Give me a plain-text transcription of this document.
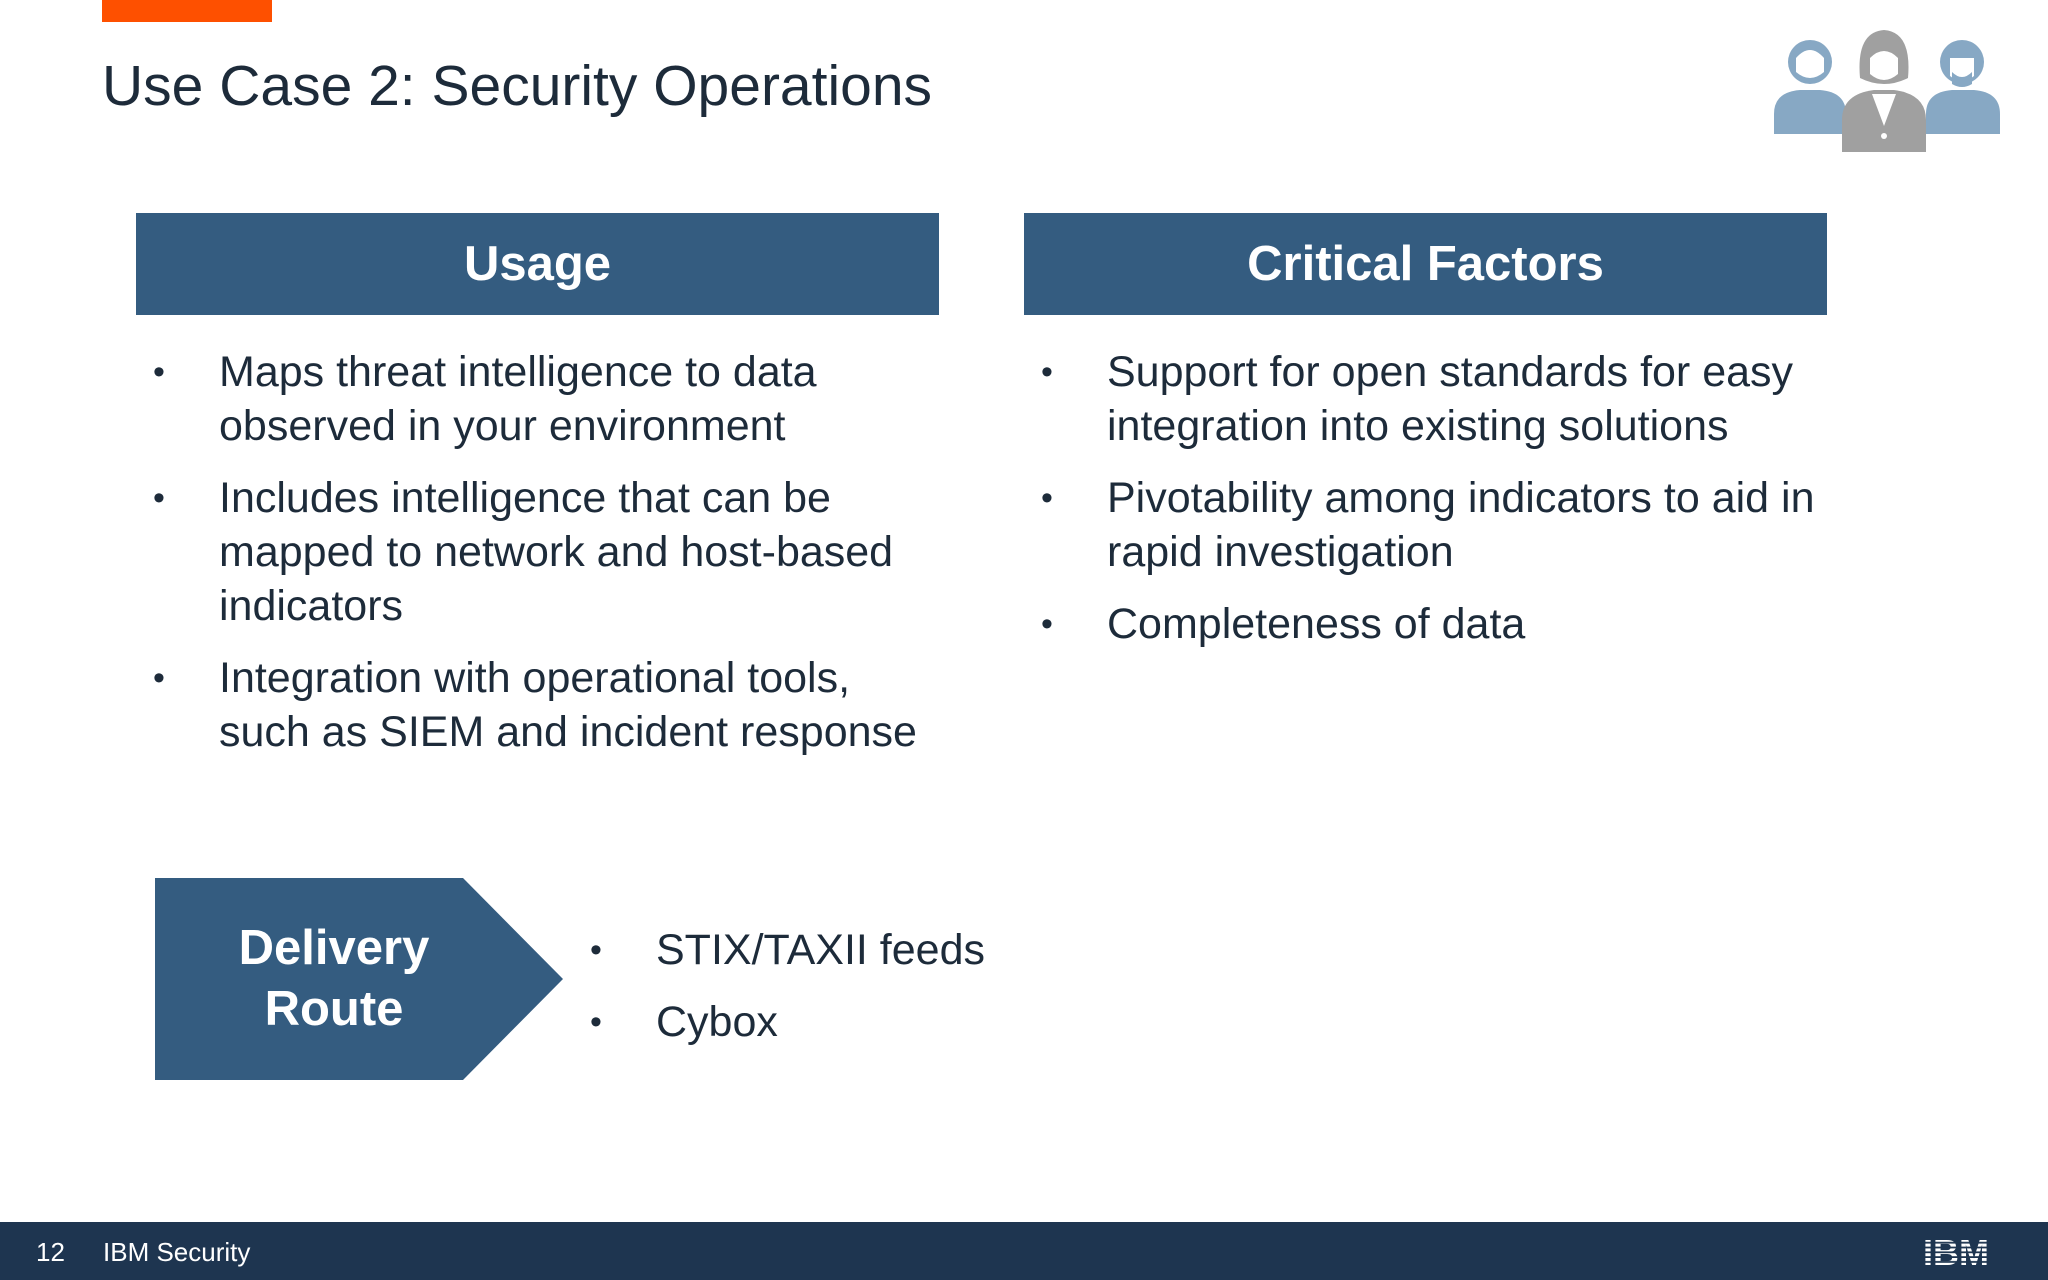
Use Case 2: Security Operations
Usage
• Maps threat intelligence to data observed in your environment
• Includes intelligence that can be mapped to network and host-based indicators
• Integration with operational tools, such as SIEM and incident response
Critical Factors
• Support for open standards for easy integration into existing solutions
• Pivotability among indicators to aid in rapid investigation
• Completeness of data
Delivery
Route
• STIX/TAXII feeds
• Cybox
12 IBM Security	IBM
